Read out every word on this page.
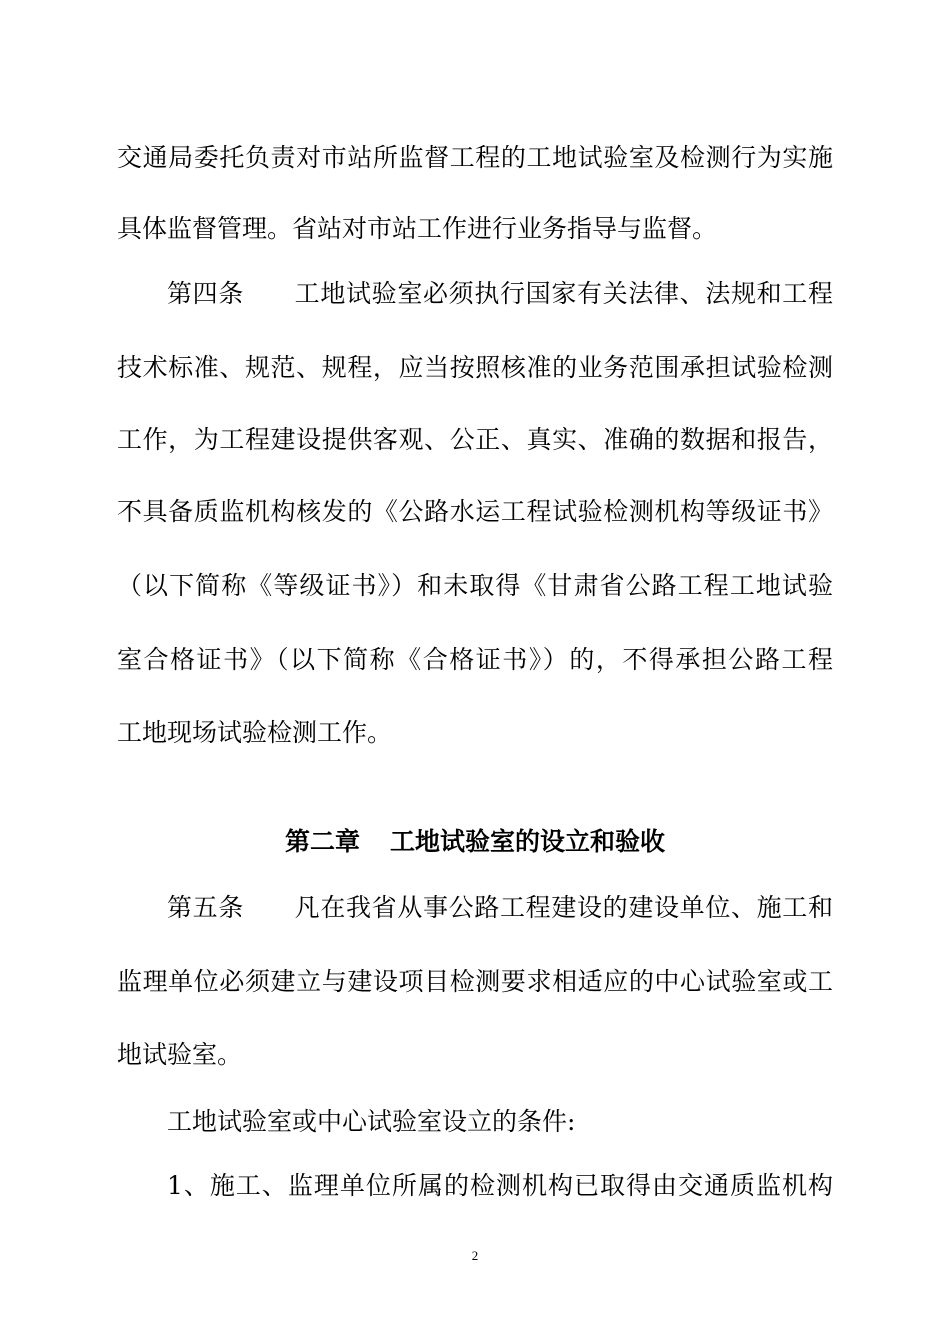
交通局委托负责对市站所监督工程的工地试验室及检测行为实施
具体监督管理。省站对市站工作进行业务指导与监督。
第四条 工地试验室必须执行国家有关法律、法规和工程
技术标准、规范、规程，应当按照核准的业务范围承担试验检测
工作，为工程建设提供客观、公正、真实、准确的数据和报告，
不具备质监机构核发的《公路水运工程试验检测机构等级证书》
（以下简称《等级证书》）和未取得《甘肃省公路工程工地试验
室合格证书》（以下简称《合格证书》）的，不得承担公路工程
工地现场试验检测工作。
第二章 工地试验室的设立和验收
第五条 凡在我省从事公路工程建设的建设单位、施工和
监理单位必须建立与建设项目检测要求相适应的中心试验室或工
地试验室。
工地试验室或中心试验室设立的条件:
1、施工、监理单位所属的检测机构已取得由交通质监机构
2
